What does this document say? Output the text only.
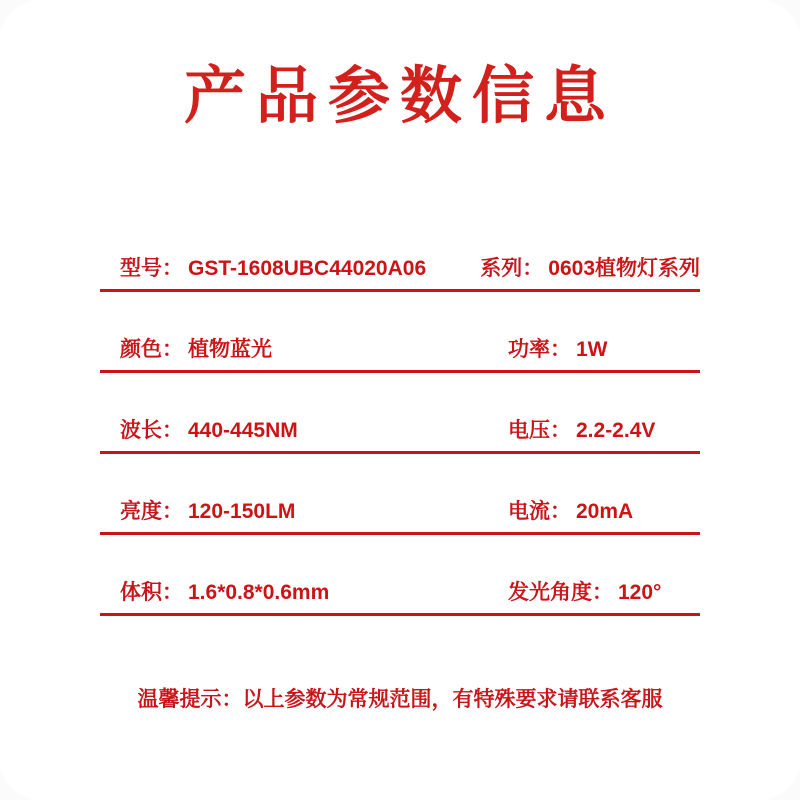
产品参数信息
型号： GST-1608UBC44020A06	系列： 0603植物灯系列
颜色： 植物蓝光	功率： 1W
波长： 440-445NM	电压： 2.2-2.4V
亮度： 120-150LM	电流： 20mA
体积： 1.6*0.8*0.6mm	发光角度： 120°
温馨提示：以上参数为常规范围，有特殊要求请联系客服
